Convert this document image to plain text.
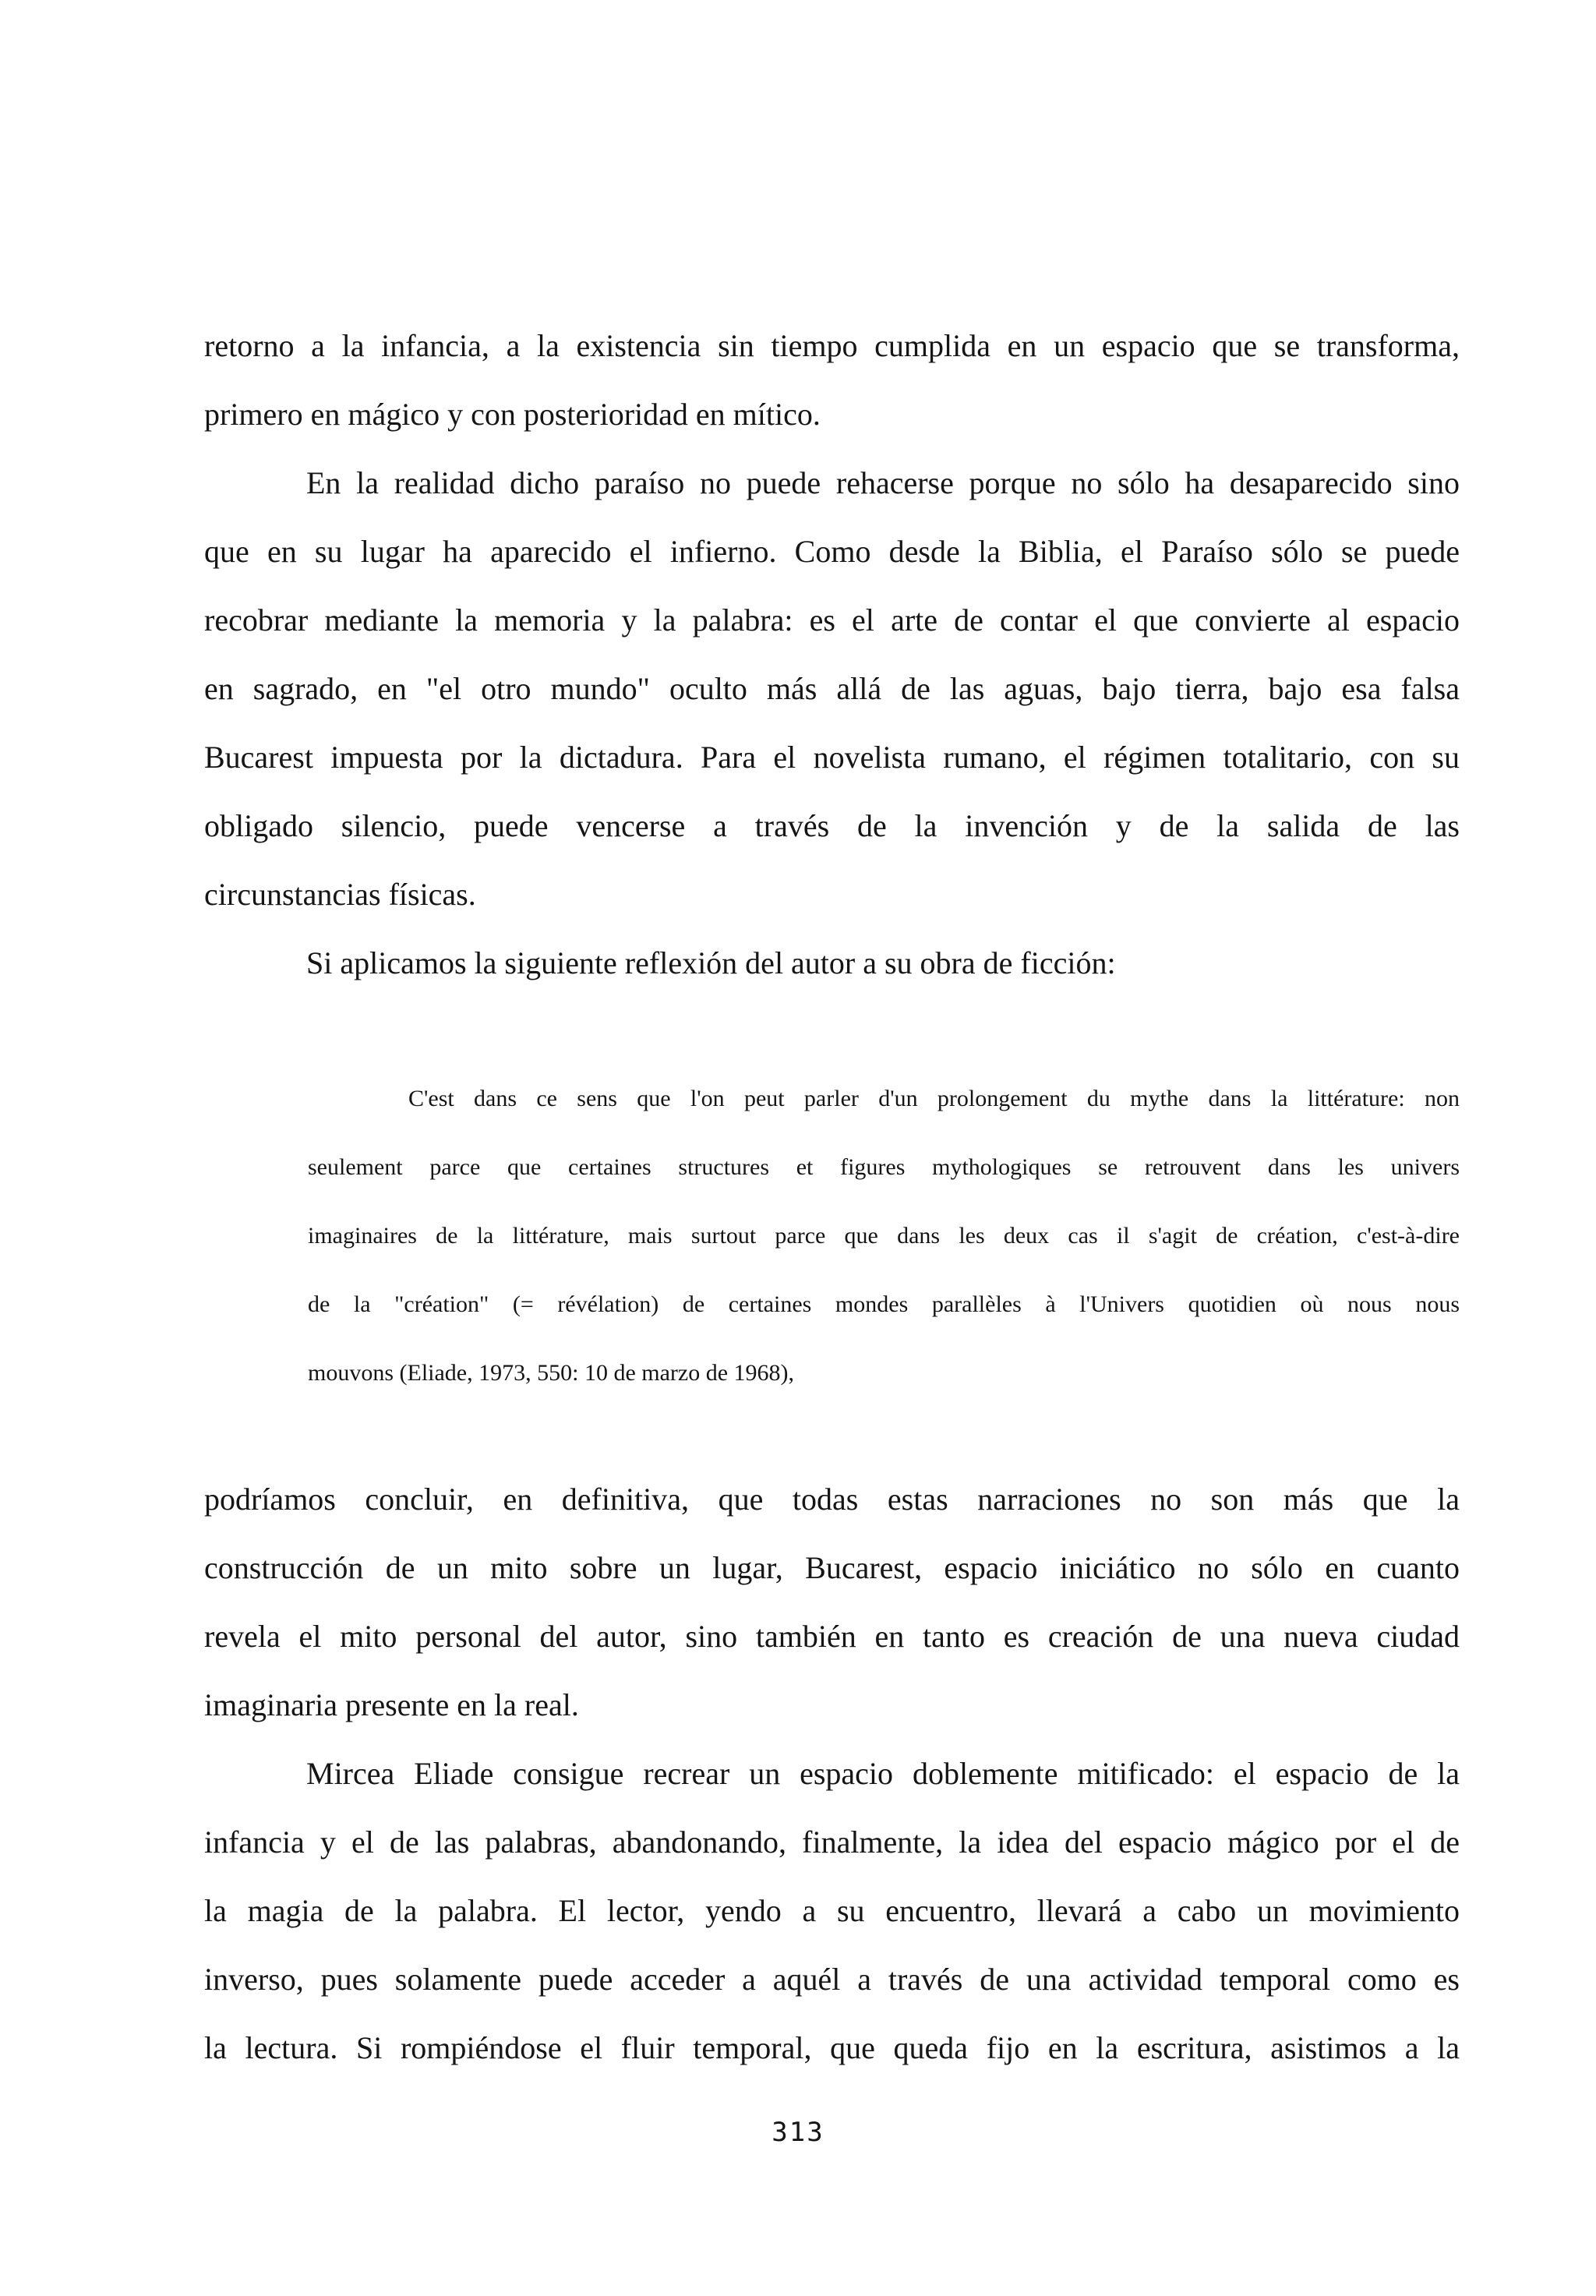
retorno a la infancia, a la existencia sin tiempo cumplida en un espacio que se transforma,

primero en mágico y con posterioridad en mítico.

En la realidad dicho paraíso no puede rehacerse porque no sólo ha desaparecido sino

que en su lugar ha aparecido el infierno. Como desde la Biblia, el Paraíso sólo se puede

recobrar mediante la memoria y la palabra: es el arte de contar el que convierte al espacio

en sagrado, en "el otro mundo" oculto más allá de las aguas, bajo tierra, bajo esa falsa

Bucarest impuesta por la dictadura. Para el novelista rumano, el régimen totalitario, con su

obligado silencio, puede vencerse a través de la invención y de la salida de las

circunstancias físicas.

Si aplicamos la siguiente reflexión del autor a su obra de ficción:

C'est dans ce sens que l'on peut parler d'un prolongement du mythe dans la littérature: non

seulement parce que certaines structures et figures mythologiques se retrouvent dans les univers

imaginaires de la littérature, mais surtout parce que dans les deux cas il s'agit de création, c'est-à-dire

de la "création" (= révélation) de certaines mondes parallèles à l'Univers quotidien où nous nous

mouvons (Eliade, 1973, 550: 10 de marzo de 1968),

podríamos concluir, en definitiva, que todas estas narraciones no son más que la

construcción de un mito sobre un lugar, Bucarest, espacio iniciático no sólo en cuanto

revela el mito personal del autor, sino también en tanto es creación de una nueva ciudad

imaginaria presente en la real.

Mircea Eliade consigue recrear un espacio doblemente mitificado: el espacio de la

infancia y el de las palabras, abandonando, finalmente, la idea del espacio mágico por el de

la magia de la palabra. El lector, yendo a su encuentro, llevará a cabo un movimiento

inverso, pues solamente puede acceder a aquél a través de una actividad temporal como es

la lectura. Si rompiéndose el fluir temporal, que queda fijo en la escritura, asistimos a la

313
